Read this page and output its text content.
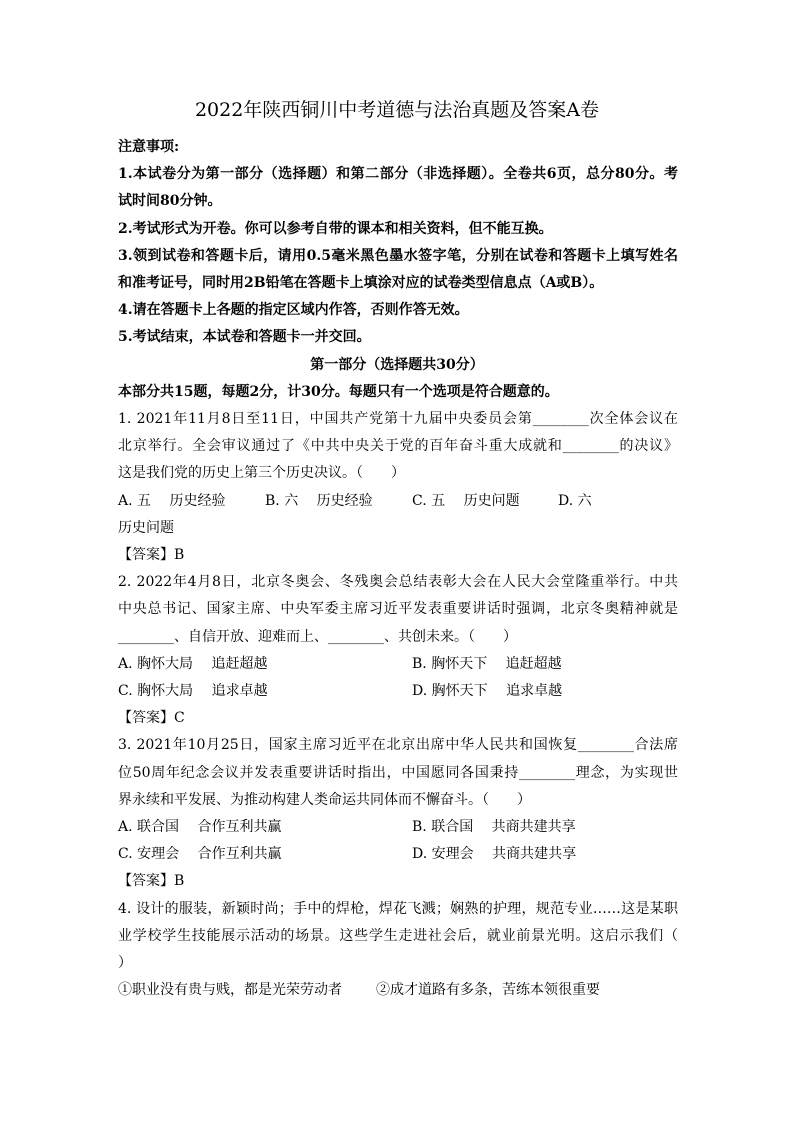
2022年陕西铜川中考道德与法治真题及答案A卷
注意事项:
1.本试卷分为第一部分（选择题）和第二部分（非选择题）。全卷共6页，总分80分。考
试时间80分钟。
2.考试形式为开卷。你可以参考自带的课本和相关资料，但不能互换。
3.领到试卷和答题卡后，请用0.5毫米黑色墨水签字笔，分别在试卷和答题卡上填写姓名
和准考证号，同时用2B铅笔在答题卡上填涂对应的试卷类型信息点（A或B）。
4.请在答题卡上各题的指定区域内作答，否则作答无效。
5.考试结束，本试卷和答题卡一并交回。
第一部分（选择题共30分）
本部分共15题，每题2分，计30分。每题只有一个选项是符合题意的。
1. 2021年11月8日至11日，中国共产党第十九届中央委员会第________次全体会议在
北京举行。全会审议通过了《中共中央关于党的百年奋斗重大成就和________的决议》
这是我们党的历史上第三个历史决议。（　　）
A. 五　 历史经验	B. 六　 历史经验	C. 五　 历史问题	D. 六
历史问题
【答案】B
2. 2022年4月8日，北京冬奥会、冬残奥会总结表彰大会在人民大会堂隆重举行。中共
中央总书记、国家主席、中央军委主席习近平发表重要讲话时强调，北京冬奥精神就是
________、自信开放、迎难而上、________、共创未来。（　　）
A. 胸怀大局　 追赶超越	B. 胸怀天下　 追赶超越
C. 胸怀大局　 追求卓越	D. 胸怀天下　 追求卓越
【答案】C
3. 2021年10月25日，国家主席习近平在北京出席中华人民共和国恢复________合法席
位50周年纪念会议并发表重要讲话时指出，中国愿同各国秉持________理念，为实现世
界永续和平发展、为推动构建人类命运共同体而不懈奋斗。（　　）
A. 联合国　 合作互利共赢	B. 联合国　 共商共建共享
C. 安理会　 合作互利共赢	D. 安理会　 共商共建共享
【答案】B
4. 设计的服装，新颖时尚；手中的焊枪，焊花飞溅；娴熟的护理，规范专业……这是某职
业学校学生技能展示活动的场景。这些学生走进社会后，就业前景光明。这启示我们（
）
①职业没有贵与贱，都是光荣劳动者 ②成才道路有多条，苦练本领很重要
